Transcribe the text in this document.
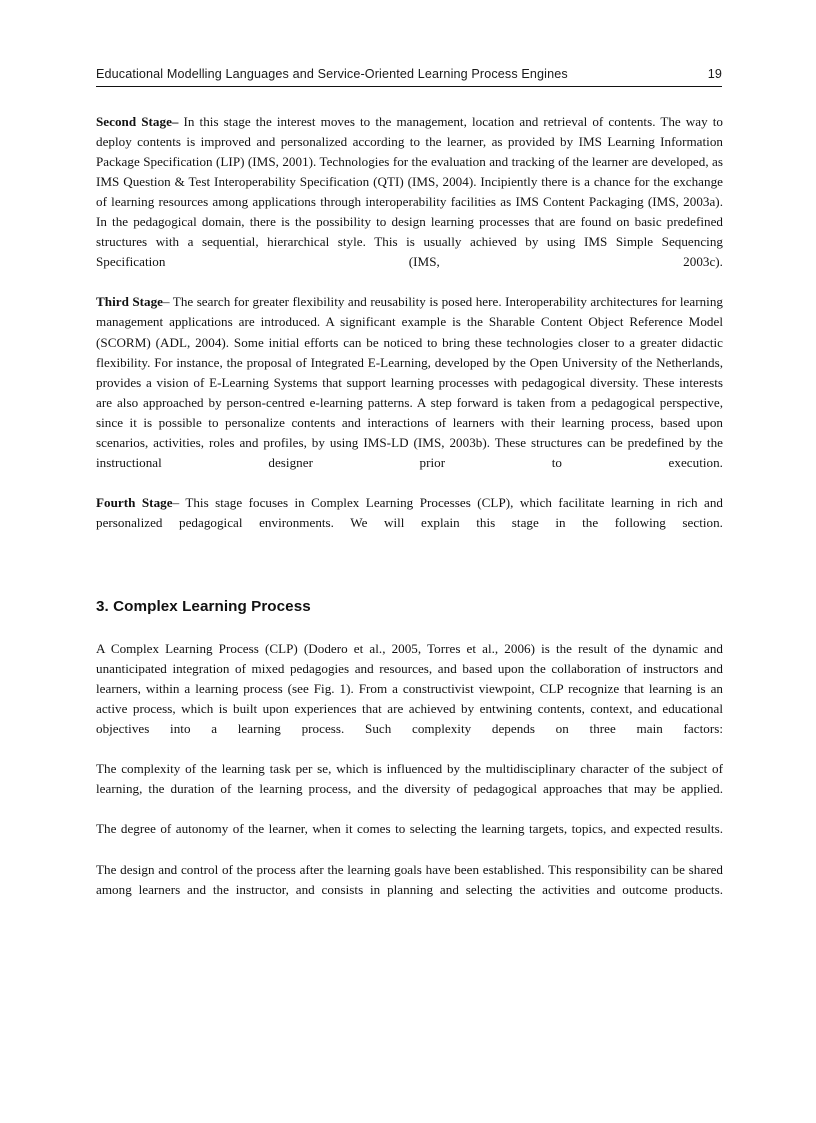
Educational Modelling Languages and Service-Oriented Learning Process Engines	19

Second Stage– In this stage the interest moves to the management, location and retrieval of contents. The way to deploy contents is improved and personalized according to the learner, as provided by IMS Learning Information Package Specification (LIP) (IMS, 2001). Technologies for the evaluation and tracking of the learner are developed, as IMS Question & Test Interoperability Specification (QTI) (IMS, 2004). Incipiently there is a chance for the exchange of learning resources among applications through interoperability facilities as IMS Content Packaging (IMS, 2003a). In the pedagogical domain, there is the possibility to design learning processes that are found on basic predefined structures with a sequential, hierarchical style. This is usually achieved by using IMS Simple Sequencing Specification (IMS, 2003c).

Third Stage– The search for greater flexibility and reusability is posed here. Interoperability architectures for learning management applications are introduced. A significant example is the Sharable Content Object Reference Model (SCORM) (ADL, 2004). Some initial efforts can be noticed to bring these technologies closer to a greater didactic flexibility. For instance, the proposal of Integrated E-Learning, developed by the Open University of the Netherlands, provides a vision of E-Learning Systems that support learning processes with pedagogical diversity. These interests are also approached by person-centred e-learning patterns. A step forward is taken from a pedagogical perspective, since it is possible to personalize contents and interactions of learners with their learning process, based upon scenarios, activities, roles and profiles, by using IMS-LD (IMS, 2003b). These structures can be predefined by the instructional designer prior to execution.

Fourth Stage– This stage focuses in Complex Learning Processes (CLP), which facilitate learning in rich and personalized pedagogical environments. We will explain this stage in the following section.

3. Complex Learning Process

A Complex Learning Process (CLP) (Dodero et al., 2005, Torres et al., 2006) is the result of the dynamic and unanticipated integration of mixed pedagogies and resources, and based upon the collaboration of instructors and learners, within a learning process (see Fig. 1). From a constructivist viewpoint, CLP recognize that learning is an active process, which is built upon experiences that are achieved by entwining contents, context, and educational objectives into a learning process. Such complexity depends on three main factors:

The complexity of the learning task per se, which is influenced by the multidisciplinary character of the subject of learning, the duration of the learning process, and the diversity of pedagogical approaches that may be applied.

The degree of autonomy of the learner, when it comes to selecting the learning targets, topics, and expected results.

The design and control of the process after the learning goals have been established. This responsibility can be shared among learners and the instructor, and consists in planning and selecting the activities and outcome products.
